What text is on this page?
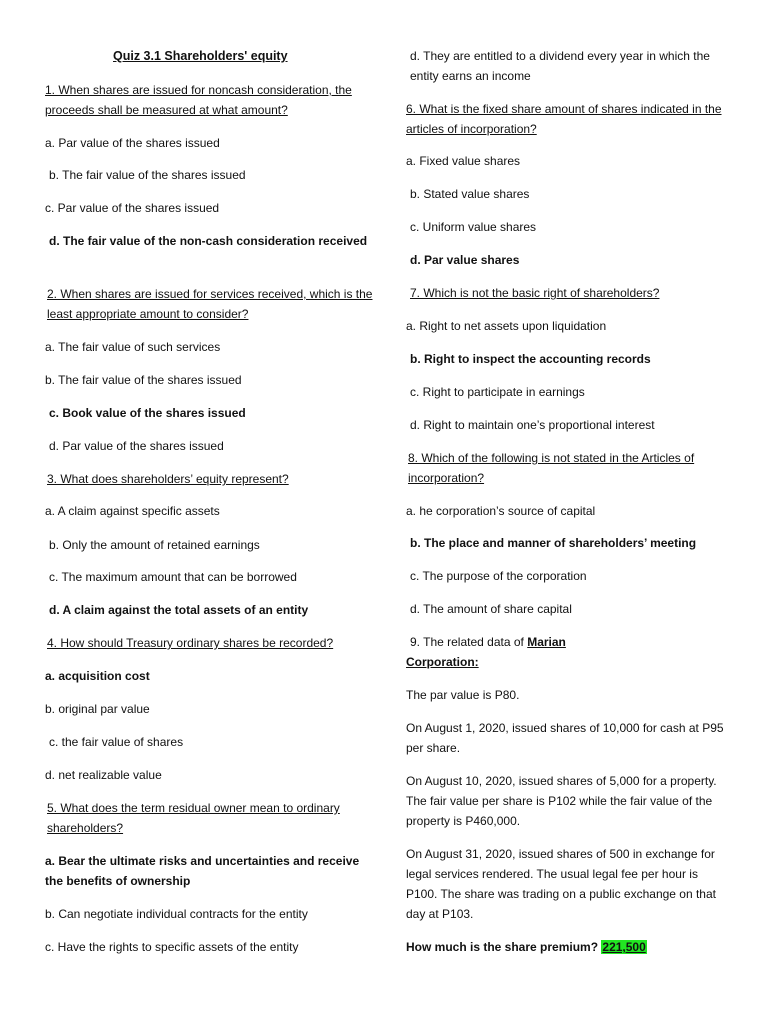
Quiz 3.1 Shareholders' equity
1. When shares are issued for noncash consideration, the proceeds shall be measured at what amount?
a. Par value of the shares issued
b. The fair value of the shares issued
c. Par value of the shares issued
d. The fair value of the non-cash consideration received
2. When shares are issued for services received, which is the least appropriate amount to consider?
a. The fair value of such services
b. The fair value of the shares issued
c. Book value of the shares issued
d. Par value of the shares issued
3. What does shareholders’ equity represent?
a. A claim against specific assets
b. Only the amount of retained earnings
c. The maximum amount that can be borrowed
d. A claim against the total assets of an entity
4. How should Treasury ordinary shares be recorded?
a. acquisition cost
b. original par value
c. the fair value of shares
d. net realizable value
5. What does the term residual owner mean to ordinary shareholders?
a. Bear the ultimate risks and uncertainties and receive the benefits of ownership
b. Can negotiate individual contracts for the entity
c. Have the rights to specific assets of the entity
d. They are entitled to a dividend every year in which the entity earns an income
6. What is the fixed share amount of shares indicated in the articles of incorporation?
a. Fixed value shares
b. Stated value shares
c. Uniform value shares
d. Par value shares
7. Which is not the basic right of shareholders?
a. Right to net assets upon liquidation
b. Right to inspect the accounting records
c. Right to participate in earnings
d. Right to maintain one’s proportional interest
8. Which of the following is not stated in the Articles of incorporation?
a. he corporation’s source of capital
b. The place and manner of shareholders’ meeting
c. The purpose of the corporation
d. The amount of share capital
9. The related data of Marian
Corporation:
The par value is P80.
On August 1, 2020, issued shares of 10,000 for cash at P95 per share.
On August 10, 2020, issued shares of 5,000 for a property. The fair value per share is P102 while the fair value of the property is P460,000.
On August 31, 2020, issued shares of 500 in exchange for legal services rendered. The usual legal fee per hour is P100. The share was trading on a public exchange on that day at P103.
How much is the share premium? 221,500
